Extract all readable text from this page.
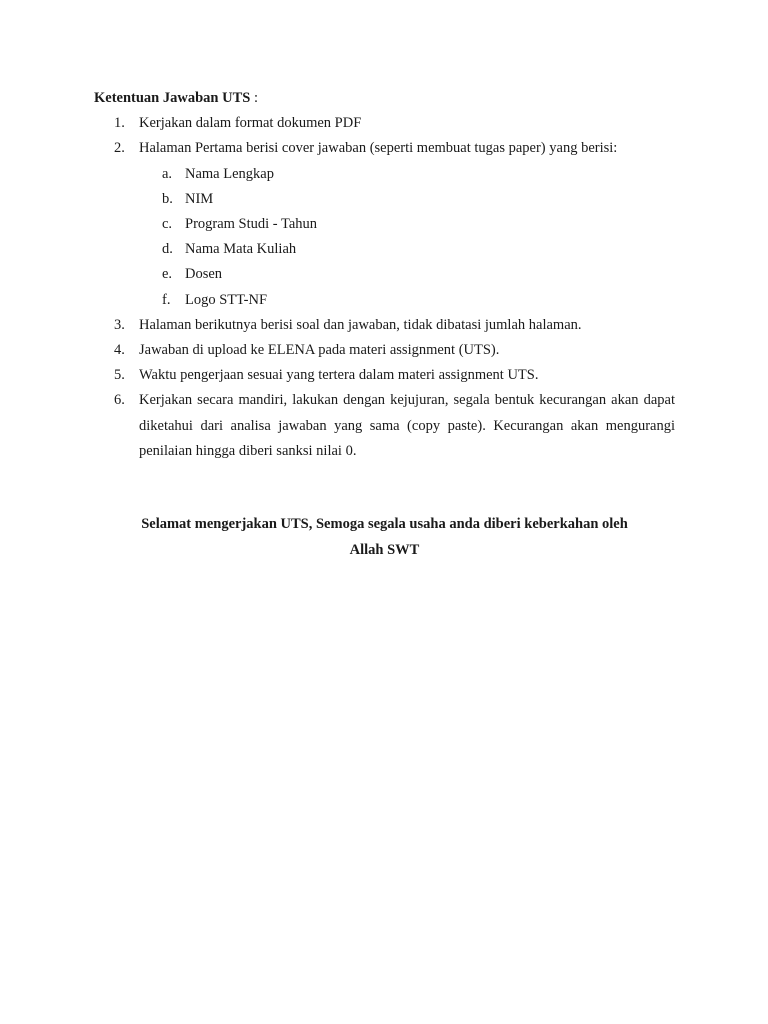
Ketentuan Jawaban UTS :

1. Kerjakan dalam format dokumen PDF
2. Halaman Pertama berisi cover jawaban (seperti membuat tugas paper) yang berisi:
a. Nama Lengkap
b. NIM
c. Program Studi - Tahun
d. Nama Mata Kuliah
e. Dosen
f. Logo STT-NF
3. Halaman berikutnya berisi soal dan jawaban, tidak dibatasi jumlah halaman.
4. Jawaban di upload ke ELENA pada materi assignment (UTS).
5. Waktu pengerjaan sesuai yang tertera dalam materi assignment UTS.
6. Kerjakan secara mandiri, lakukan dengan kejujuran, segala bentuk kecurangan akan dapat diketahui dari analisa jawaban yang sama (copy paste). Kecurangan akan mengurangi penilaian hingga diberi sanksi nilai 0.
Selamat mengerjakan UTS, Semoga segala usaha anda diberi keberkahan oleh
Allah SWT
